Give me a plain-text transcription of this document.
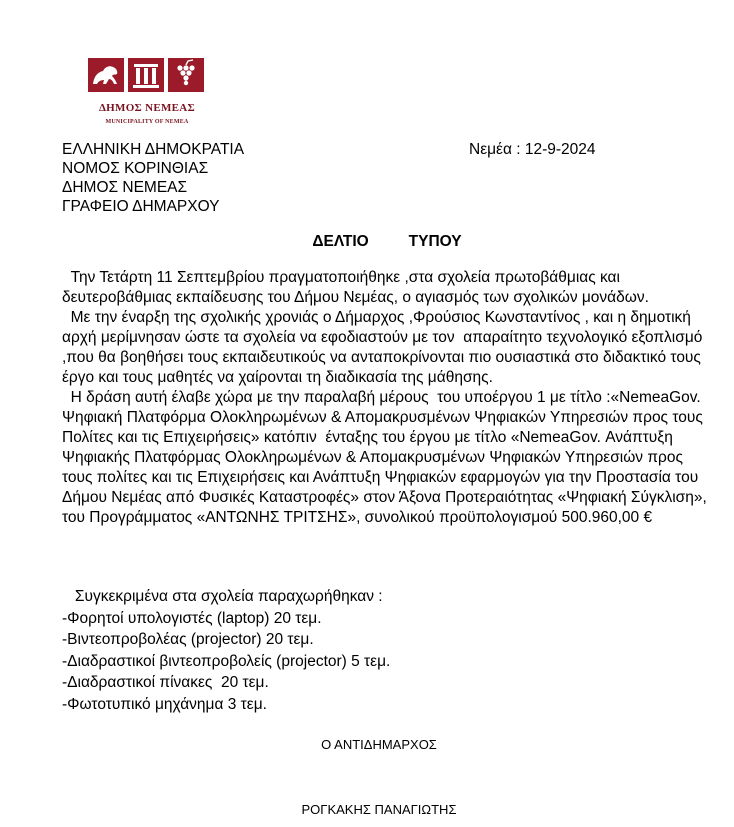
ΔΗΜΟΣ ΝΕΜΕΑΣ
MUNICIPALITY OF NEMEA
ΕΛΛΗΝΙΚΗ ΔΗΜΟΚΡΑΤΙΑ
ΝΟΜΟΣ ΚΟΡΙΝΘΙΑΣ
ΔΗΜΟΣ ΝΕΜΕΑΣ
ΓΡΑΦΕΙΟ ΔΗΜΑΡΧΟΥ
Νεμέα : 12-9-2024
ΔΕΛΤΙΟ   ΤΥΠΟΥ

Την Τετάρτη 11 Σεπτεμβρίου πραγματοποιήθηκε ,στα σχολεία πρωτοβάθμιας και δευτεροβάθμιας εκπαίδευσης του Δήμου Νεμέας, ο αγιασμός των σχολικών μονάδων.

Με την έναρξη της σχολικής χρονιάς ο Δήμαρχος ,Φρούσιος Κωνσταντίνος , και η δημοτική αρχή μερίμνησαν ώστε τα σχολεία να εφοδιαστούν με τον  απαραίτητο τεχνολογικό εξοπλισμό ,που θα βοηθήσει τους εκπαιδευτικούς να ανταποκρίνονται πιο ουσιαστικά στο διδακτικό τους έργο και τους μαθητές να χαίρονται τη διαδικασία της μάθησης.

Η δράση αυτή έλαβε χώρα με την παραλαβή μέρους  του υποέργου 1 με τίτλο :«NemeaGov. Ψηφιακή Πλατφόρμα Ολοκληρωμένων & Απομακρυσμένων Ψηφιακών Υπηρεσιών προς τους Πολίτες και τις Επιχειρήσεις» κατόπιν  ένταξης του έργου με τίτλο «NemeaGov. Ανάπτυξη Ψηφιακής Πλατφόρμας Ολοκληρωμένων & Απομακρυσμένων Ψηφιακών Υπηρεσιών προς τους πολίτες και τις Επιχειρήσεις και Ανάπτυξη Ψηφιακών εφαρμογών για την Προστασία του Δήμου Νεμέας από Φυσικές Καταστροφές» στον Άξονα Προτεραιότητας «Ψηφιακή Σύγκλιση», του Προγράμματος «ΑΝΤΩΝΗΣ ΤΡΙΤΣΗΣ», συνολικού προϋπολογισμού 500.960,00 €

Συγκεκριμένα στα σχολεία παραχωρήθηκαν :
-Φορητοί υπολογιστές (laptop) 20 τεμ.
-Βιντεοπροβολέας (projector) 20 τεμ.
-Διαδραστικοί βιντεοπροβολείς (projector) 5 τεμ.
-Διαδραστικοί πίνακες  20 τεμ.
-Φωτοτυπικό μηχάνημα 3 τεμ.
Ο ΑΝΤΙΔΗΜΑΡΧΟΣ
ΡΟΓΚΑΚΗΣ ΠΑΝΑΓΙΩΤΗΣ
